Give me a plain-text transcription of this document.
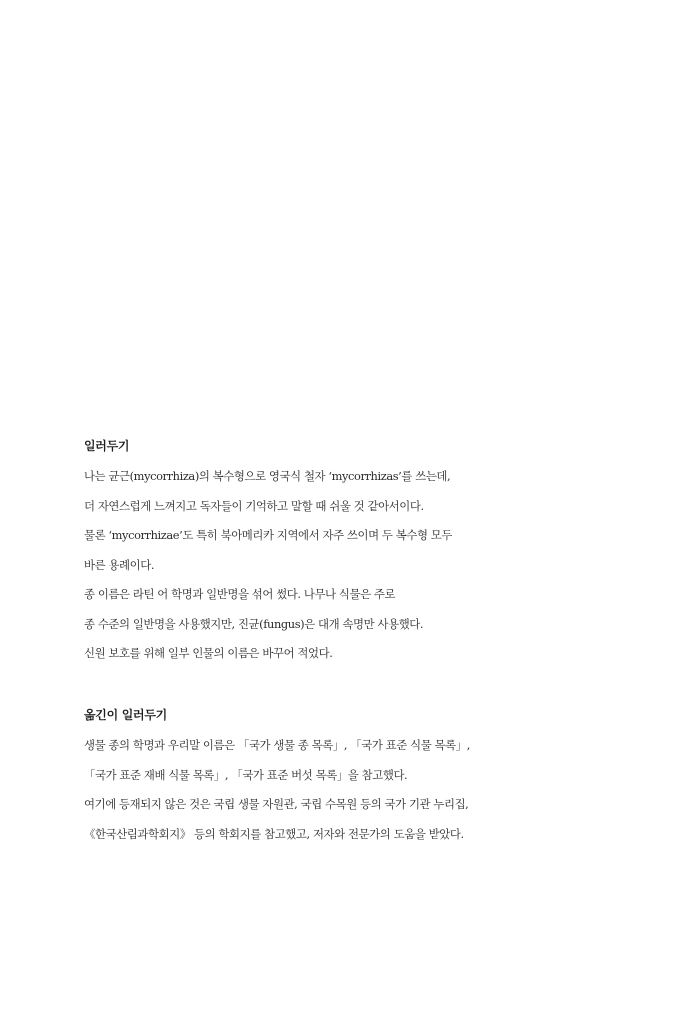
일러두기

나는 균근(mycorrhiza)의 복수형으로 영국식 철자 ‘mycorrhizas’를 쓰는데,

더 자연스럽게 느껴지고 독자들이 기억하고 말할 때 쉬울 것 같아서이다.

물론 ‘mycorrhizae’도 특히 북아메리카 지역에서 자주 쓰이며 두 복수형 모두

바른 용례이다.

종 이름은 라틴 어 학명과 일반명을 섞어 썼다. 나무나 식물은 주로

종 수준의 일반명을 사용했지만, 진균(fungus)은 대개 속명만 사용했다.

신원 보호를 위해 일부 인물의 이름은 바꾸어 적었다.

옮긴이 일러두기

생물 종의 학명과 우리말 이름은 「국가 생물 종 목록」, 「국가 표준 식물 목록」,

「국가 표준 재배 식물 목록」, 「국가 표준 버섯 목록」을 참고했다.

여기에 등재되지 않은 것은 국립 생물 자원관, 국립 수목원 등의 국가 기관 누리집,

《한국산림과학회지》 등의 학회지를 참고했고, 저자와 전문가의 도움을 받았다.
